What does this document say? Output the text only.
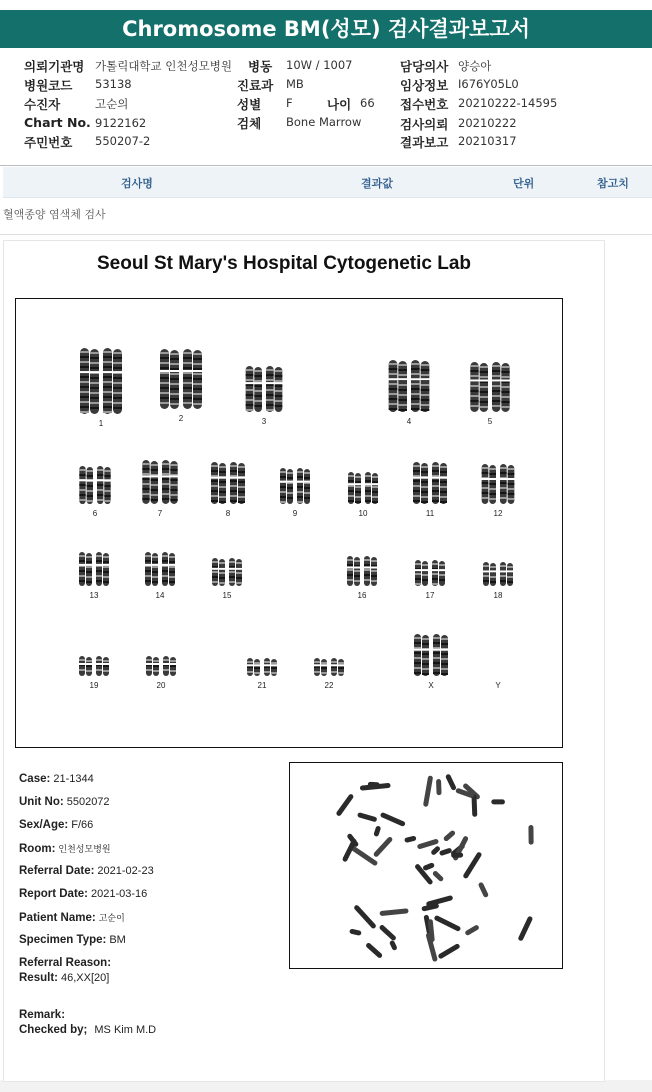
Chromosome BM(성모) 검사결과보고서
의뢰기관명 가톨릭대학교 인천성모병원
병원코드 53138
수진자	고순의
Chart No. 9122162
주민번호 550207-2
병동 10W / 1007
진료과 MB
성별 F	나이 66
검체 Bone Marrow
담당의사 양승아
임상정보 I676Y05L0
접수번호 20210222-14595
검사의뢰 20210222
결과보고 20210317
검사명	결과값	단위	참고치
혈액종양 염색체 검사
Seoul St Mary's Hospital Cytogenetic Lab
1
2	3	4	5
6	7	8	9	10	11	12
13	14	15	16	17	18
19	20	21	22	X	Y
Case: 21-1344
Unit No: 5502072
Sex/Age: F/66
Room: 인천성모병원
Referral Date: 2021-02-23
Report Date: 2021-03-16
Patient Name: 고순이
Specimen Type: BM
Referral Reason:
Result: 46,XX[20]
Remark:
Checked by; MS Kim M.D
